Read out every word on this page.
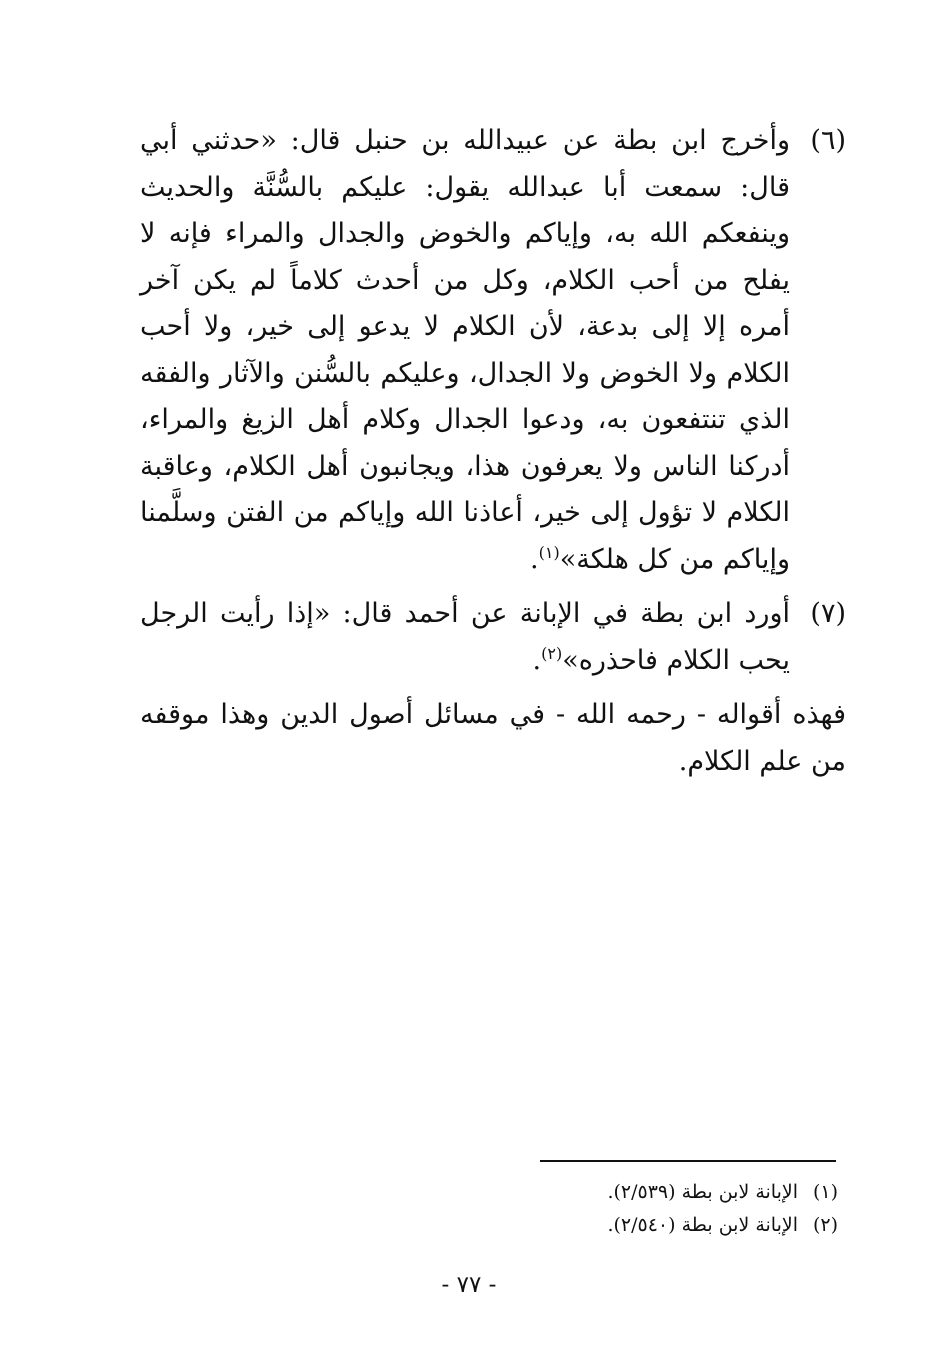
(٦)
وأخرج ابن بطة عن عبيدالله بن حنبل قال: «حدثني أبي قال: سمعت أبا عبدالله يقول: عليكم بالسُّنَّة والحديث وينفعكم الله به، وإياكم والخوض والجدال والمراء فإنه لا يفلح من أحب الكلام، وكل من أحدث كلاماً لم يكن آخر أمره إلا إلى بدعة، لأن الكلام لا يدعو إلى خير، ولا أحب الكلام ولا الخوض ولا الجدال، وعليكم بالسُّنن والآثار والفقه الذي تنتفعون به، ودعوا الجدال وكلام أهل الزيغ والمراء، أدركنا الناس ولا يعرفون هذا، ويجانبون أهل الكلام، وعاقبة الكلام لا تؤول إلى خير، أعاذنا الله وإياكم من الفتن وسلَّمنا وإياكم من كل هلكة»$^{(١)}$.

(٧)
أورد ابن بطة في الإبانة عن أحمد قال: «إذا رأيت الرجل يحب الكلام فاحذره»$^{(٢)}$.

فهذه أقواله - رحمه الله - في مسائل أصول الدين وهذا موقفه من علم الكلام.

(١)الإبانة لابن بطة (٢/٥٣٩).

(٢)الإبانة لابن بطة (٢/٥٤٠).

- ٧٧ -
